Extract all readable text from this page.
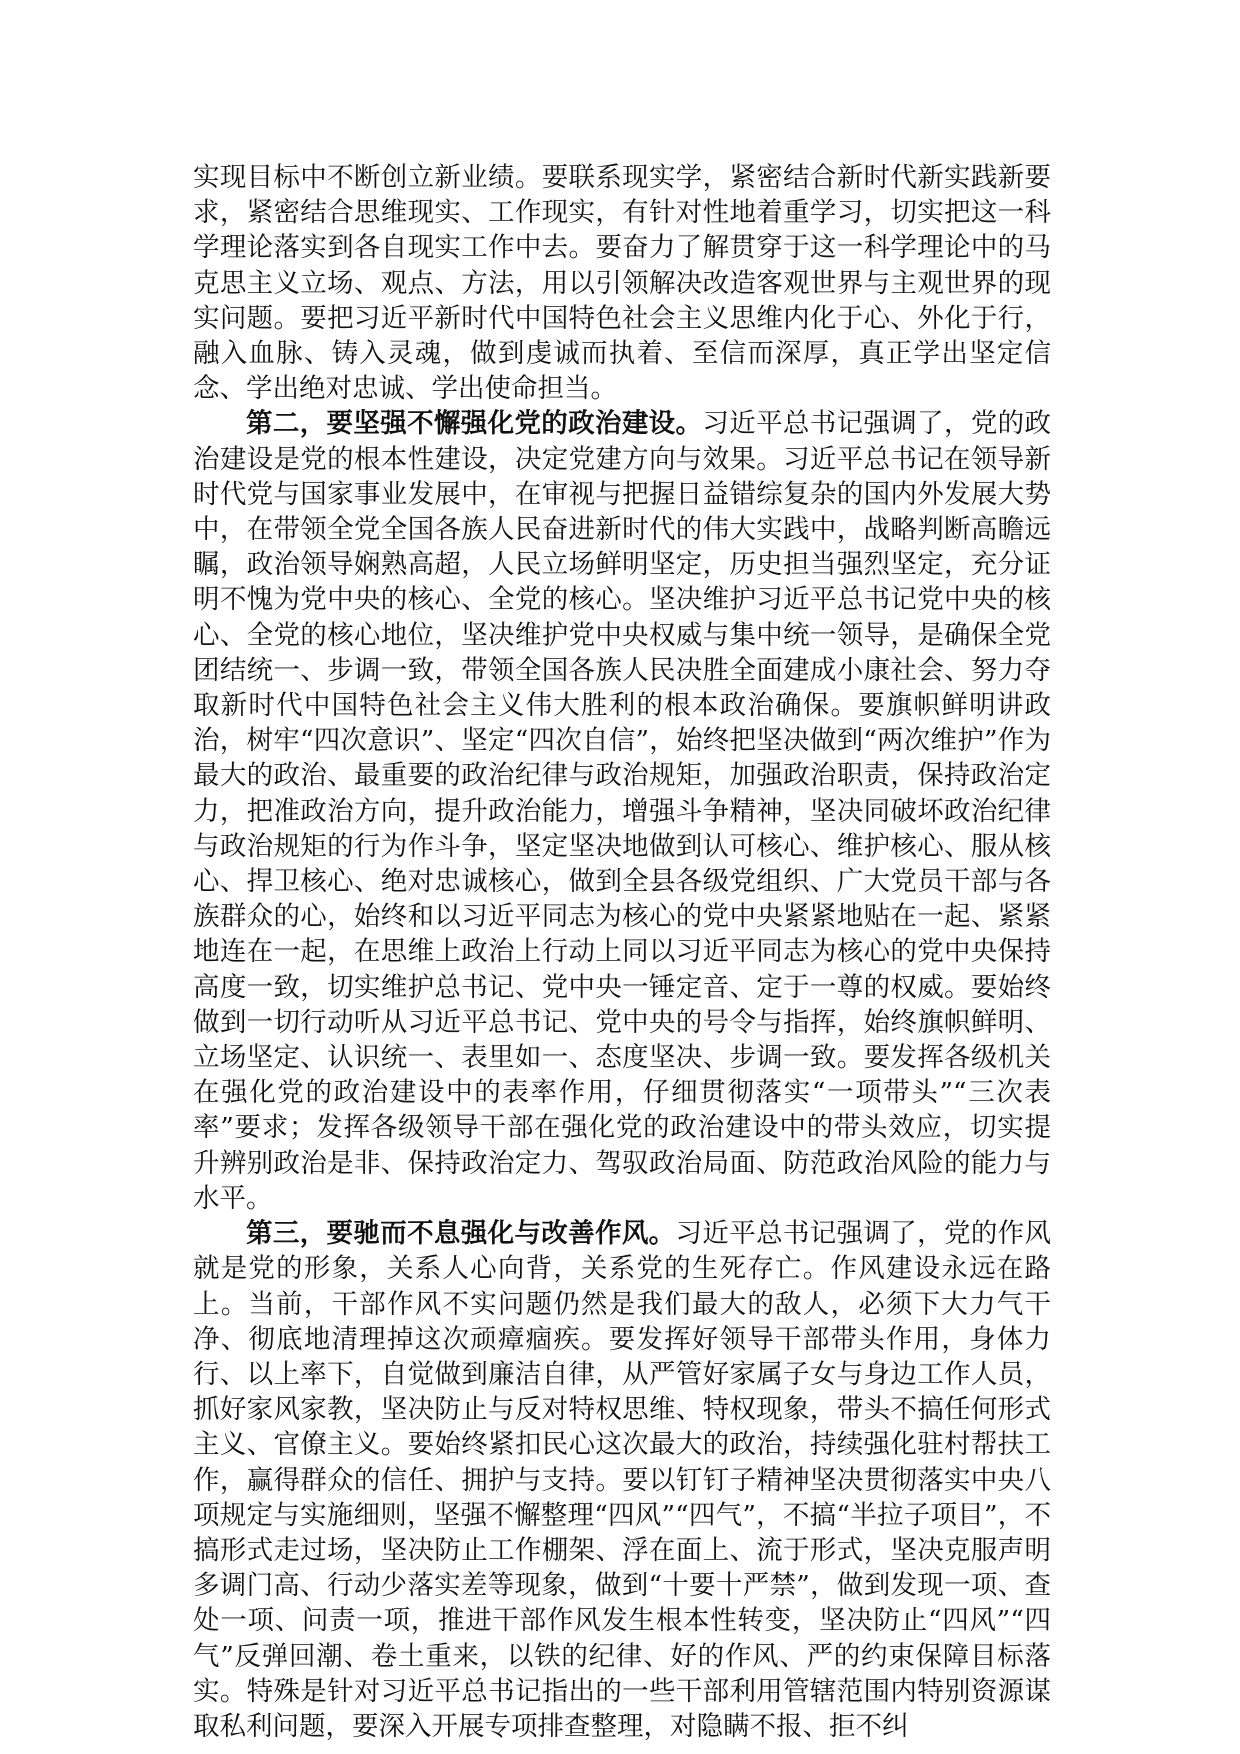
实现目标中不断创立新业绩。要联系现实学，紧密结合新时代新实践新要求，紧密结合思维现实、工作现实，有针对性地着重学习，切实把这一科学理论落实到各自现实工作中去。要奋力了解贯穿于这一科学理论中的马克思主义立场、观点、方法，用以引领解决改造客观世界与主观世界的现实问题。要把习近平新时代中国特色社会主义思维内化于心、外化于行，融入血脉、铸入灵魂，做到虔诚而执着、至信而深厚，真正学出坚定信念、学出绝对忠诚、学出使命担当。

第二，要坚强不懈强化党的政治建设。习近平总书记强调了，党的政治建设是党的根本性建设，决定党建方向与效果。习近平总书记在领导新时代党与国家事业发展中，在审视与把握日益错综复杂的国内外发展大势中，在带领全党全国各族人民奋进新时代的伟大实践中，战略判断高瞻远瞩，政治领导娴熟高超，人民立场鲜明坚定，历史担当强烈坚定，充分证明不愧为党中央的核心、全党的核心。坚决维护习近平总书记党中央的核心、全党的核心地位，坚决维护党中央权威与集中统一领导，是确保全党团结统一、步调一致，带领全国各族人民决胜全面建成小康社会、努力夺取新时代中国特色社会主义伟大胜利的根本政治确保。要旗帜鲜明讲政治，树牢“四次意识”、坚定“四次自信”，始终把坚决做到“两次维护”作为最大的政治、最重要的政治纪律与政治规矩，加强政治职责，保持政治定力，把准政治方向，提升政治能力，增强斗争精神，坚决同破坏政治纪律与政治规矩的行为作斗争，坚定坚决地做到认可核心、维护核心、服从核心、捍卫核心、绝对忠诚核心，做到全县各级党组织、广大党员干部与各族群众的心，始终和以习近平同志为核心的党中央紧紧地贴在一起、紧紧地连在一起，在思维上政治上行动上同以习近平同志为核心的党中央保持高度一致，切实维护总书记、党中央一锤定音、定于一尊的权威。要始终做到一切行动听从习近平总书记、党中央的号令与指挥，始终旗帜鲜明、立场坚定、认识统一、表里如一、态度坚决、步调一致。要发挥各级机关在强化党的政治建设中的表率作用，仔细贯彻落实“一项带头”“三次表率”要求；发挥各级领导干部在强化党的政治建设中的带头效应，切实提升辨别政治是非、保持政治定力、驾驭政治局面、防范政治风险的能力与水平。

第三，要驰而不息强化与改善作风。习近平总书记强调了，党的作风就是党的形象，关系人心向背，关系党的生死存亡。作风建设永远在路上。当前，干部作风不实问题仍然是我们最大的敌人，必须下大力气干净、彻底地清理掉这次顽瘴痼疾。要发挥好领导干部带头作用，身体力行、以上率下，自觉做到廉洁自律，从严管好家属子女与身边工作人员，抓好家风家教，坚决防止与反对特权思维、特权现象，带头不搞任何形式主义、官僚主义。要始终紧扣民心这次最大的政治，持续强化驻村帮扶工作，赢得群众的信任、拥护与支持。要以钉钉子精神坚决贯彻落实中央八项规定与实施细则，坚强不懈整理“四风”“四气”，不搞“半拉子项目”，不搞形式走过场，坚决防止工作棚架、浮在面上、流于形式，坚决克服声明多调门高、行动少落实差等现象，做到“十要十严禁”，做到发现一项、查处一项、问责一项，推进干部作风发生根本性转变，坚决防止“四风”“四气”反弹回潮、卷土重来，以铁的纪律、好的作风、严的约束保障目标落实。特殊是针对习近平总书记指出的一些干部利用管辖范围内特别资源谋取私利问题，要深入开展专项排查整理，对隐瞒不报、拒不纠
